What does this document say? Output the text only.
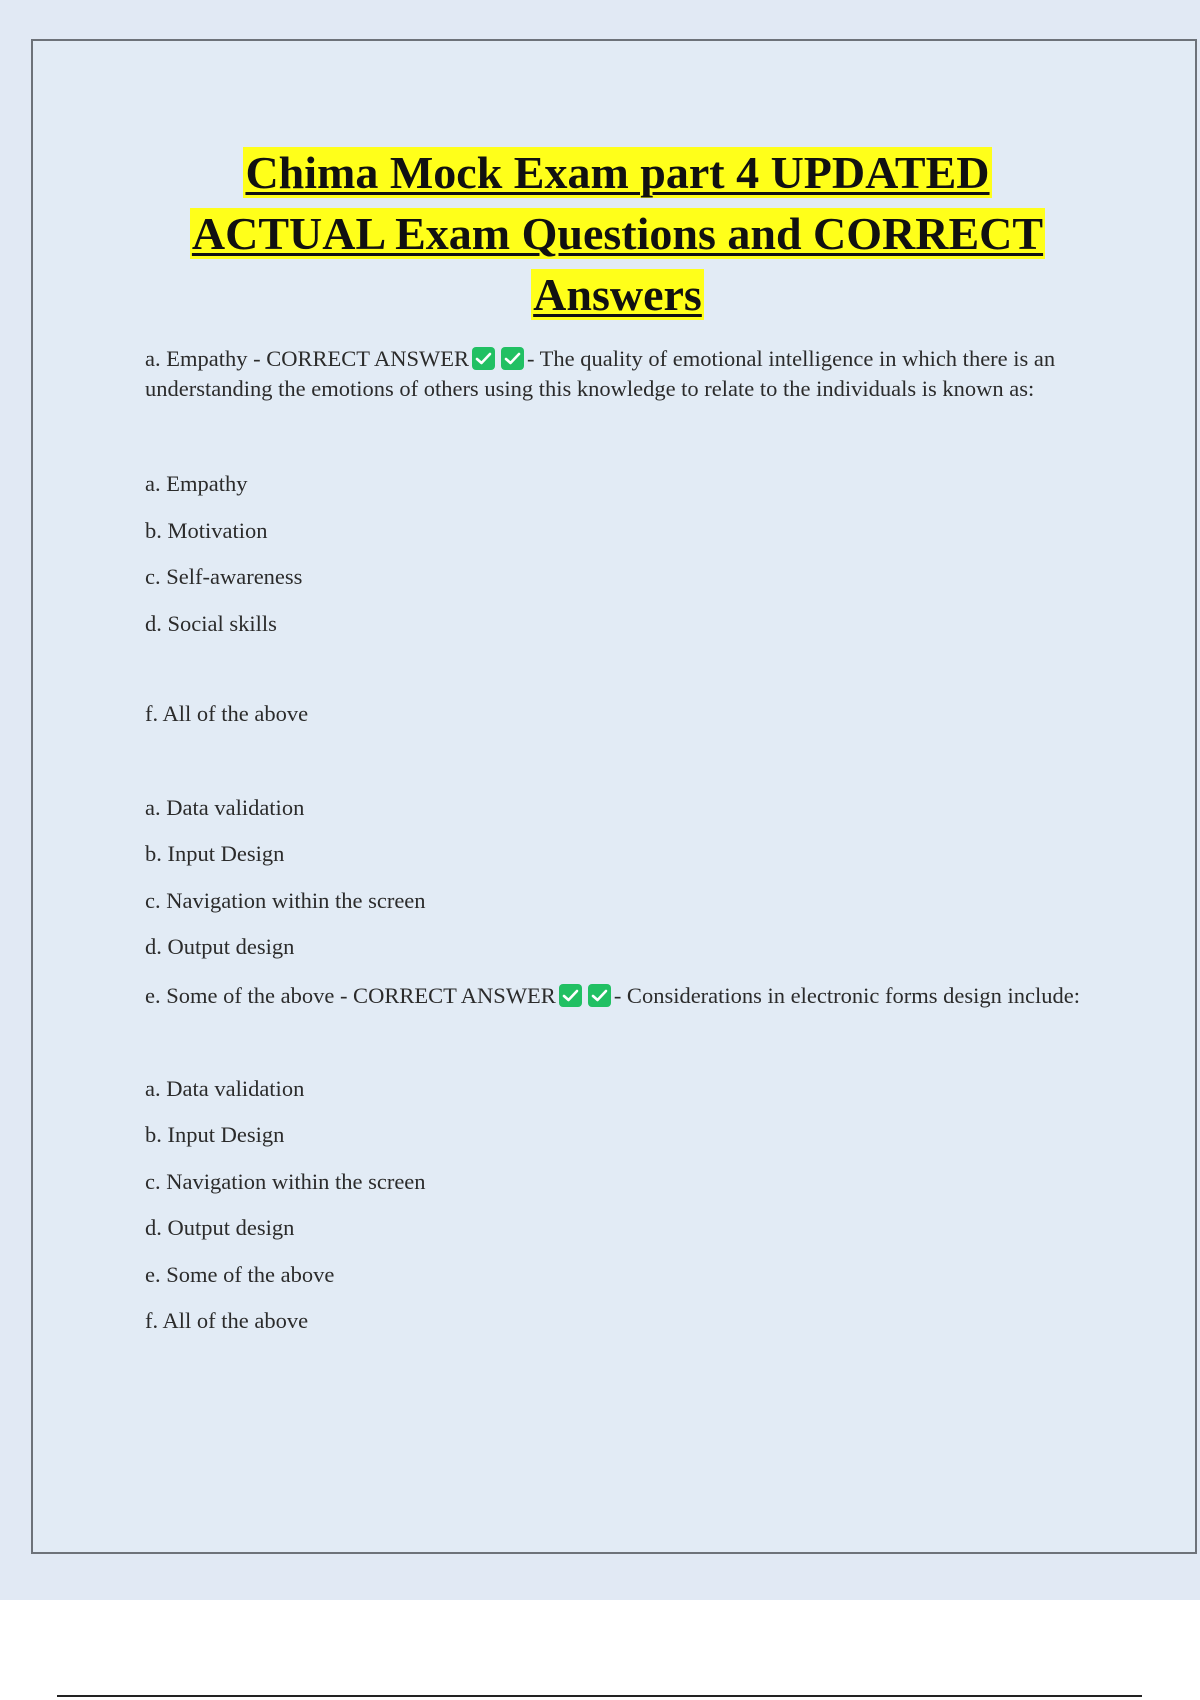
Chima Mock Exam part 4 UPDATED
ACTUAL Exam Questions and CORRECT
Answers

a. Empathy - CORRECT ANSWER	- The quality of emotional intelligence in which there is an understanding the emotions of others using this knowledge to relate to the individuals is known as:

a. Empathy

b. Motivation

c. Self-awareness

d. Social skills

f. All of the above

a. Data validation

b. Input Design

c. Navigation within the screen

d. Output design

e. Some of the above - CORRECT ANSWER	- Considerations in electronic forms design include:

a. Data validation

b. Input Design

c. Navigation within the screen

d. Output design

e. Some of the above

f. All of the above
